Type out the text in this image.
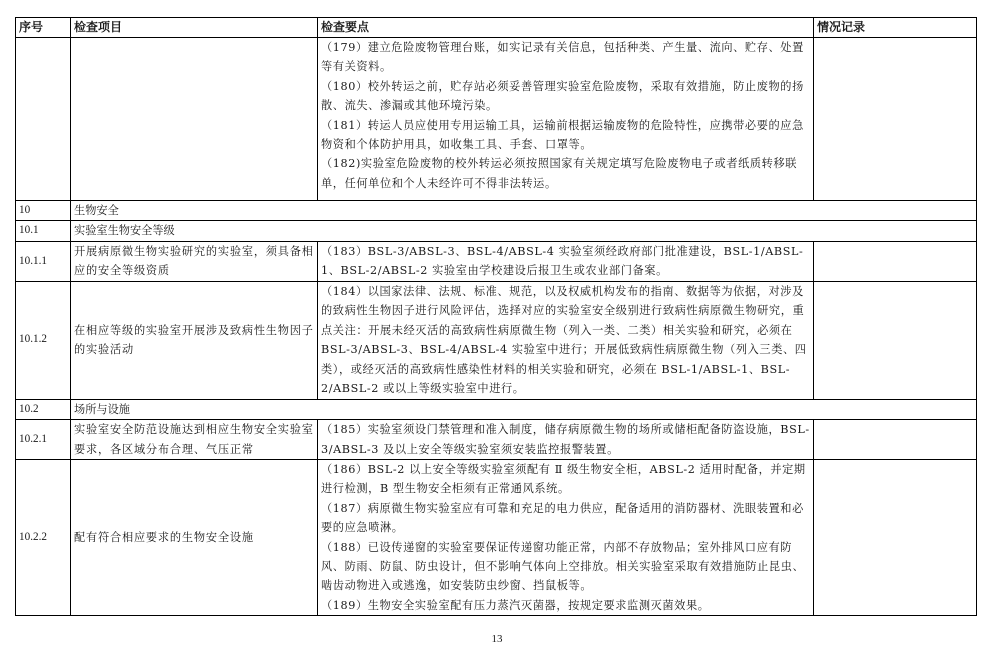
序号	检查项目	检查要点	情况记录

		（179）建立危险废物管理台账，如实记录有关信息，包括种类、产生量、流向、贮存、处置等有关资料。

（180）校外转运之前，贮存站必须妥善管理实验室危险废物，采取有效措施，防止废物的扬散、流失、渗漏或其他环境污染。

（181）转运人员应使用专用运输工具，运输前根据运输废物的危险特性，应携带必要的应急物资和个体防护用具，如收集工具、手套、口罩等。

（182)实验室危险废物的校外转运必须按照国家有关规定填写危险废物电子或者纸质转移联单，任何单位和个人未经许可不得非法转运。	

10	生物安全		
10.1	实验室生物安全等级		
10.1.1	开展病原微生物实验研究的实验室，须具备相应的安全等级资质	（183）BSL-3/ABSL-3、BSL-4/ABSL-4 实验室须经政府部门批准建设，BSL-1/ABSL-1、BSL-2/ABSL-2 实验室由学校建设后报卫生或农业部门备案。	

10.1.2	在相应等级的实验室开展涉及致病性生物因子的实验活动	（184）以国家法律、法规、标准、规范，以及权威机构发布的指南、数据等为依据，对涉及的致病性生物因子进行风险评估，选择对应的实验室安全级别进行致病性病原微生物研究，重点关注：开展未经灭活的高致病性病原微生物（列入一类、二类）相关实验和研究，必须在 BSL-3/ABSL-3、BSL-4/ABSL-4 实验室中进行；开展低致病性病原微生物（列入三类、四类），或经灭活的高致病性感染性材料的相关实验和研究，必须在 BSL-1/ABSL-1、BSL-2/ABSL-2 或以上等级实验室中进行。	

10.2	场所与设施		
10.2.1	实验室安全防范设施达到相应生物安全实验室要求，各区域分布合理、气压正常	（185）实验室须设门禁管理和准入制度，储存病原微生物的场所或储柜配备防盗设施，BSL-3/ABSL-3 及以上安全等级实验室须安装监控报警装置。	

10.2.2	配有符合相应要求的生物安全设施	（186）BSL-2 以上安全等级实验室须配有 Ⅱ 级生物安全柜，ABSL-2 适用时配备，并定期进行检测，B 型生物安全柜须有正常通风系统。

（187）病原微生物实验室应有可靠和充足的电力供应，配备适用的消防器材、洗眼装置和必要的应急喷淋。

（188）已设传递窗的实验室要保证传递窗功能正常，内部不存放物品；室外排风口应有防风、防雨、防鼠、防虫设计，但不影响气体向上空排放。相关实验室采取有效措施防止昆虫、啮齿动物进入或逃逸，如安装防虫纱窗、挡鼠板等。

（189）生物安全实验室配有压力蒸汽灭菌器，按规定要求监测灭菌效果。	

13
